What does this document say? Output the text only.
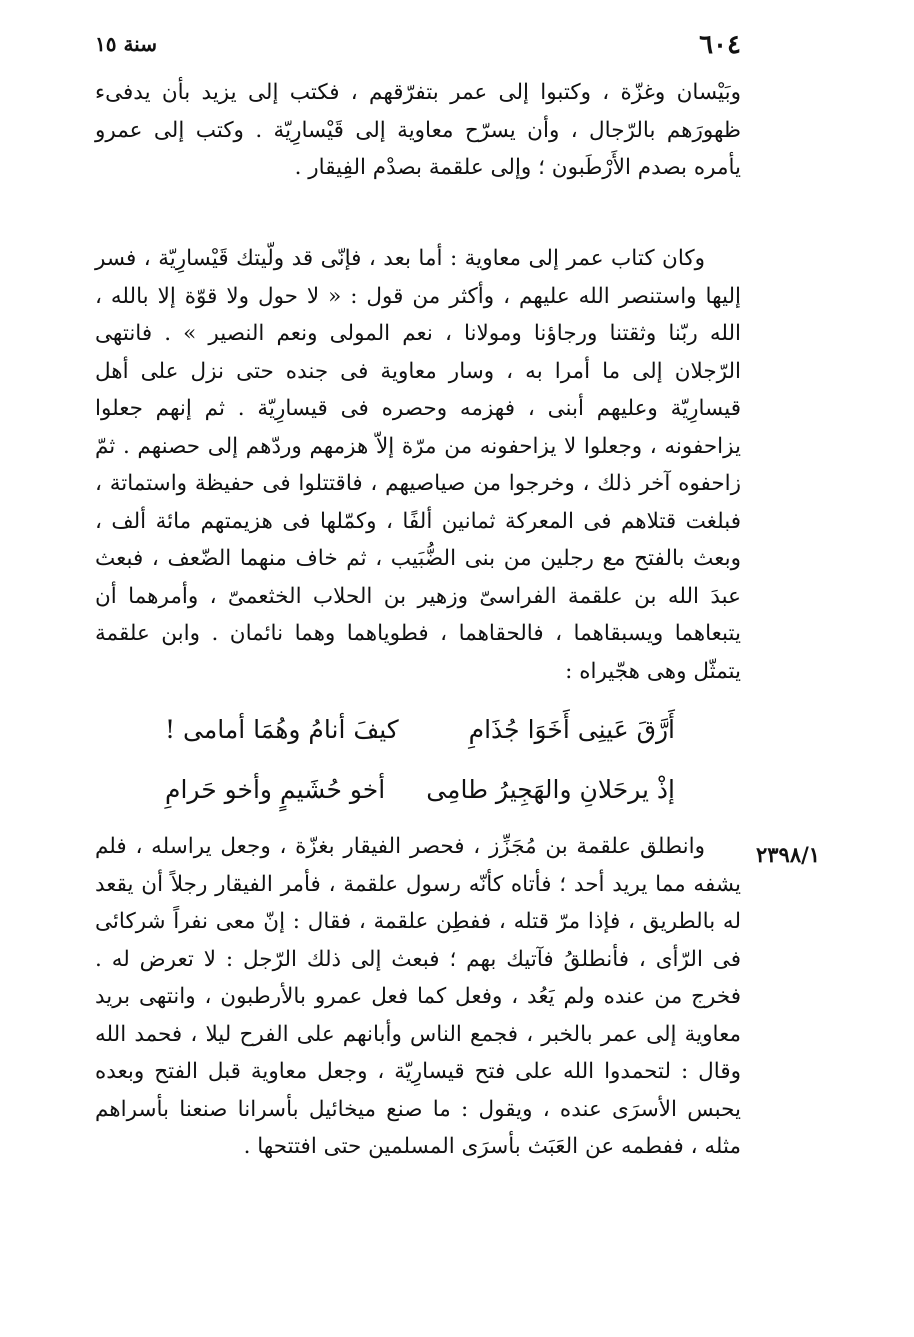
سنة ١٥	٦٠٤

وبَيْسان وغزّة ، وكتبوا إلى عمر بتفرّقهم ، فكتب إلى يزيد بأن يدفىء ظهورَهم بالرّجال ، وأن يسرّح معاوية إلى قَيْسارِيّة . وكتب إلى عمرو يأمره بصدم الأَرْطَبون ؛ وإلى علقمة بصدْم الفِيقار .

وكان كتاب عمر إلى معاوية : أما بعد ، فإنّى قد ولّيتك قَيْسارِيّة ، فسر إليها واستنصر الله عليهم ، وأكثر من قول : « لا حول ولا قوّة إلا بالله ، الله ربّنا وثقتنا ورجاؤنا ومولانا ، نعم المولى ونعم النصير » . فانتهى الرّجلان إلى ما أمرا به ، وسار معاوية فى جنده حتى نزل على أهل قيسارِيّة وعليهم أبنى ، فهزمه وحصره فى قيسارِيّة . ثم إنهم جعلوا يزاحفونه ، وجعلوا لا يزاحفونه من مرّة إلاّ هزمهم وردّهم إلى حصنهم . ثمّ زاحفوه آخر ذلك ، وخرجوا من صياصيهم ، فاقتتلوا فى حفيظة واستماتة ، فبلغت قتلاهم فى المعركة ثمانين ألفًا ، وكمّلها فى هزيمتهم مائة ألف ، وبعث بالفتح مع رجلين من بنى الضُّبَيب ، ثم خاف منهما الضّعف ، فبعث عبدَ الله بن علقمة الفراسىّ وزهير بن الحلاب الخثعمىّ ، وأمرهما أن يتبعاهما ويسبقاهما ، فالحقاهما ، فطوياهما وهما نائمان . وابن علقمة يتمثّل وهى هجّيراه :

أَرَّقَ عَينِى أَخَوَا جُذَامِ
كيفَ أنامُ وهُمَا أمامى !
إذْ يرحَلانِ والهَجِيرُ طامِى
أخو حُشَيمٍ وأخو حَرامِ
٢٣٩٨/١

وانطلق علقمة بن مُجَزِّز ، فحصر الفيقار بغزّة ، وجعل يراسله ، فلم يشفه مما يريد أحد ؛ فأتاه كأنّه رسول علقمة ، فأمر الفيقار رجلاً أن يقعد له بالطريق ، فإذا مرّ قتله ، ففطِن علقمة ، فقال : إنّ معى نفراً شركائى فى الرّأى ، فأنطلقُ فآتيك بهم ؛ فبعث إلى ذلك الرّجل : لا تعرض له . فخرج من عنده ولم يَعُد ، وفعل كما فعل عمرو بالأرطبون ، وانتهى بريد معاوية إلى عمر بالخبر ، فجمع الناس وأبانهم على الفرح ليلا ، فحمد الله وقال : لتحمدوا الله على فتح قيسارِيّة ، وجعل معاوية قبل الفتح وبعده يحبس الأسرَى عنده ، ويقول : ما صنع ميخائيل بأسرانا صنعنا بأسراهم مثله ، ففطمه عن العَبَث بأسرَى المسلمين حتى افتتحها .
